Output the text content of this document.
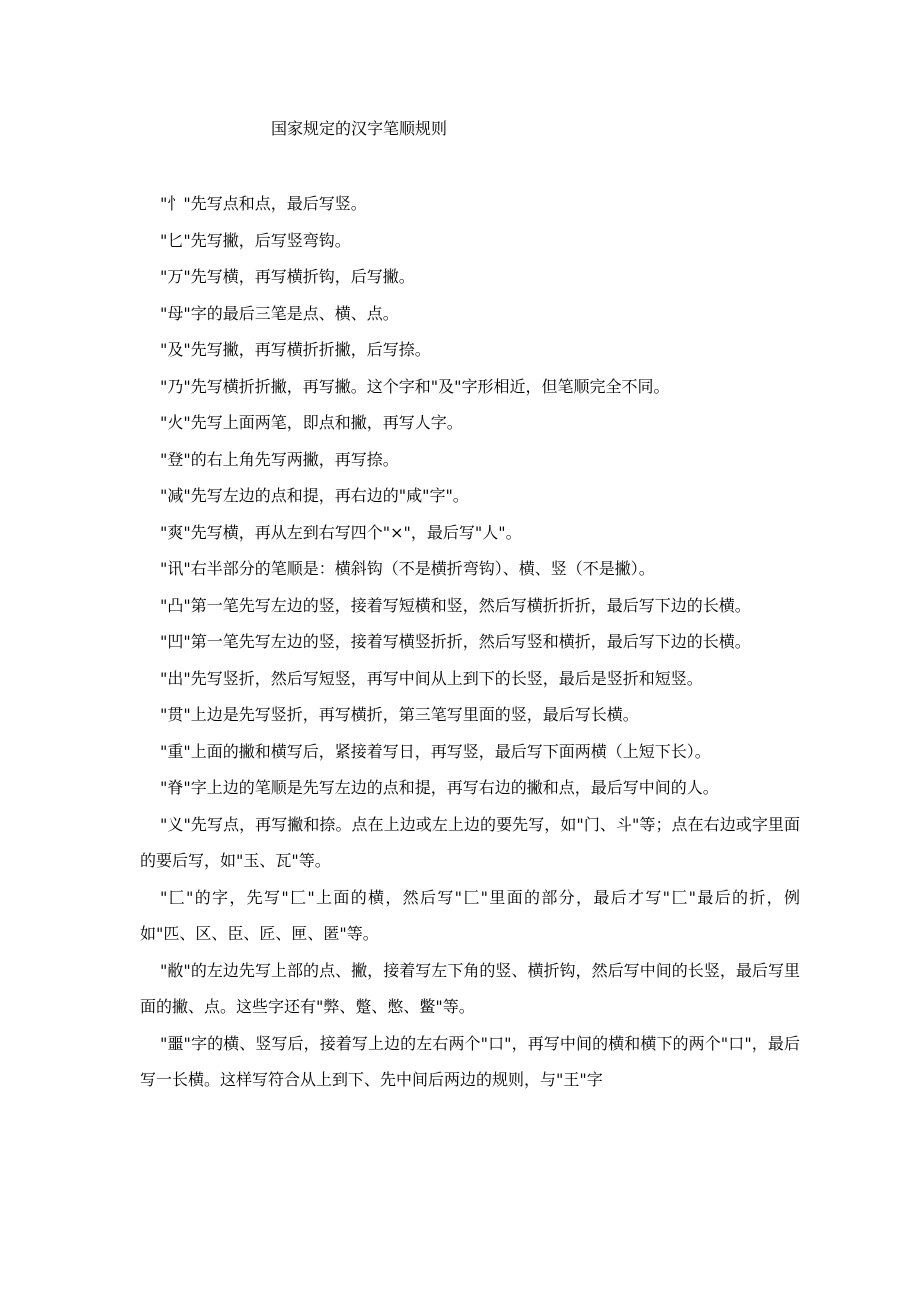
国家规定的汉字笔顺规则

"忄"先写点和点，最后写竖。

"匕"先写撇，后写竖弯钩。

"万"先写横，再写横折钩，后写撇。

"母"字的最后三笔是点、横、点。

"及"先写撇，再写横折折撇，后写捺。

"乃"先写横折折撇，再写撇。这个字和"及"字形相近，但笔顺完全不同。

"火"先写上面两笔，即点和撇，再写人字。

"登"的右上角先写两撇，再写捺。

"减"先写左边的点和提，再右边的"咸"字"。

"爽"先写横，再从左到右写四个"×"，最后写"人"。

"讯"右半部分的笔顺是：横斜钩（不是横折弯钩）、横、竖（不是撇）。

"凸"第一笔先写左边的竖，接着写短横和竖，然后写横折折折，最后写下边的长横。

"凹"第一笔先写左边的竖，接着写横竖折折，然后写竖和横折，最后写下边的长横。

"出"先写竖折，然后写短竖，再写中间从上到下的长竖，最后是竖折和短竖。

"贯"上边是先写竖折，再写横折，第三笔写里面的竖，最后写长横。

"重"上面的撇和横写后，紧接着写日，再写竖，最后写下面两横（上短下长）。

"脊"字上边的笔顺是先写左边的点和提，再写右边的撇和点，最后写中间的人。

"义"先写点，再写撇和捺。点在上边或左上边的要先写，如"门、斗"等；点在右边或字里面的要后写，如"玉、瓦"等。

"匚"的字，先写"匚"上面的横，然后写"匚"里面的部分，最后才写"匚"最后的折，例如"匹、区、臣、匠、匣、匿"等。

"敝"的左边先写上部的点、撇，接着写左下角的竖、横折钩，然后写中间的长竖，最后写里面的撇、点。这些字还有"弊、蹩、憋、鳖"等。

"噩"字的横、竖写后，接着写上边的左右两个"口"，再写中间的横和横下的两个"口"，最后写一长横。这样写符合从上到下、先中间后两边的规则，与"王"字
